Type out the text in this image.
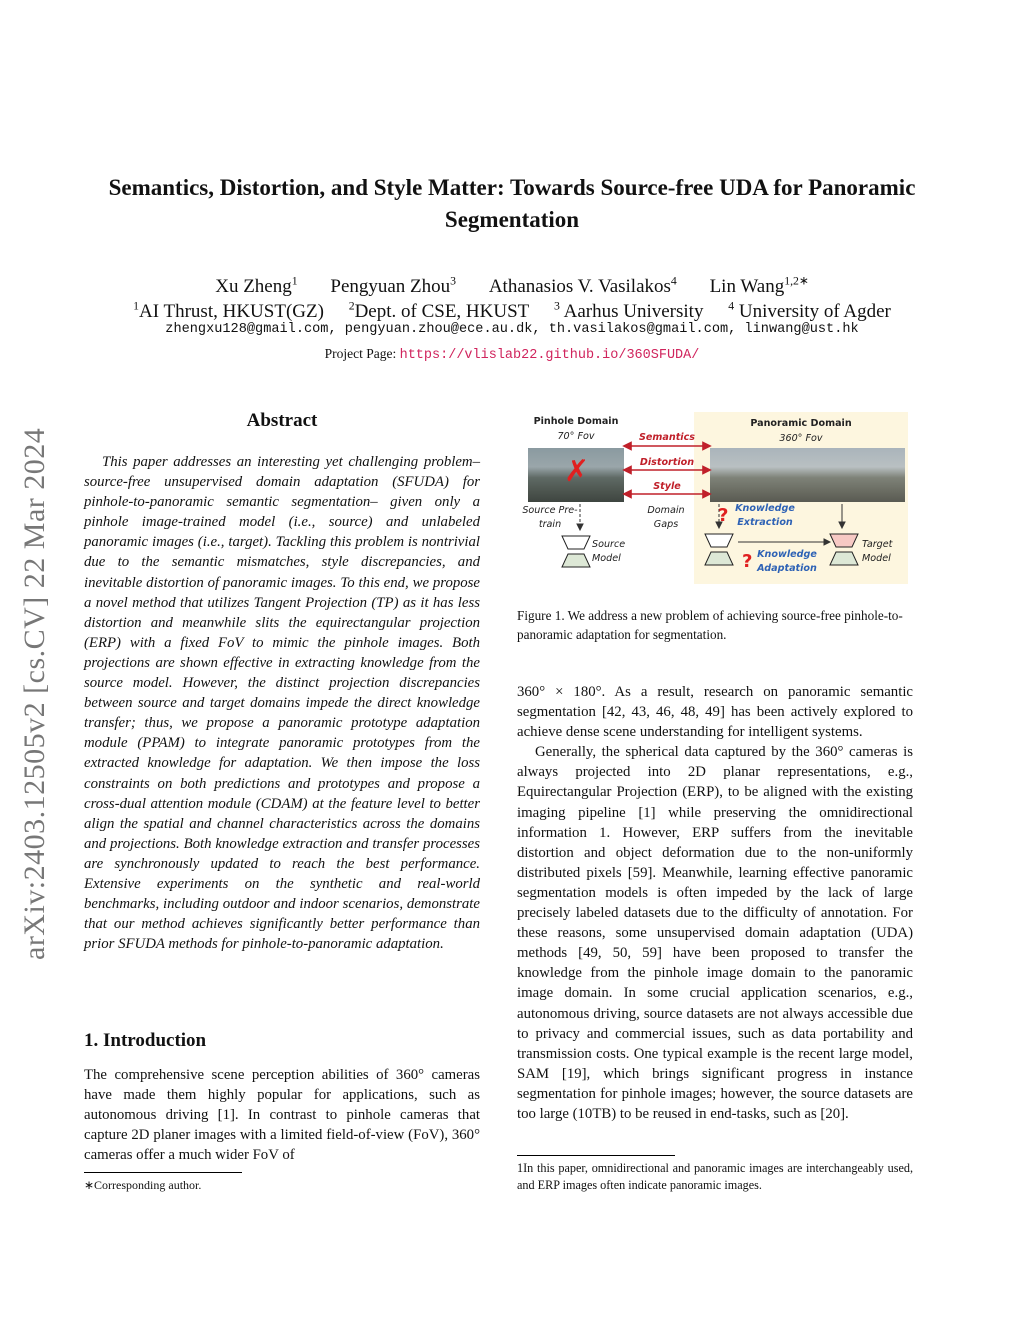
arXiv:2403.12505v2 [cs.CV] 22 Mar 2024
Semantics, Distortion, and Style Matter: Towards Source-free UDA for Panoramic Segmentation
Xu Zheng$^1$ Pengyuan Zhou$^3$ Athanasios V. Vasilakos$^4$ Lin Wang$^{1,2∗}$
$^1$AI Thrust, HKUST(GZ) $^2$Dept. of CSE, HKUST $^3$ Aarhus University $^4$ University of Agder
zhengxu128@gmail.com, pengyuan.zhou@ece.au.dk, th.vasilakos@gmail.com, linwang@ust.hk
Project Page: https://vlislab22.github.io/360SFUDA/
Abstract

This paper addresses an interesting yet challenging problem– source-free unsupervised domain adaptation (SFUDA) for pinhole-to-panoramic semantic segmentation– given only a pinhole image-trained model (i.e., source) and unlabeled panoramic images (i.e., target). Tackling this problem is nontrivial due to the semantic mismatches, style discrepancies, and inevitable distortion of panoramic images. To this end, we propose a novel method that utilizes Tangent Projection (TP) as it has less distortion and meanwhile slits the equirectangular projection (ERP) with a fixed FoV to mimic the pinhole images. Both projections are shown effective in extracting knowledge from the source model. However, the distinct projection discrepancies between source and target domains impede the direct knowledge transfer; thus, we propose a panoramic prototype adaptation module (PPAM) to integrate panoramic prototypes from the extracted knowledge for adaptation. We then impose the loss constraints on both predictions and prototypes and propose a cross-dual attention module (CDAM) at the feature level to better align the spatial and channel characteristics across the domains and projections. Both knowledge extraction and transfer processes are synchronously updated to reach the best performance. Extensive experiments on the synthetic and real-world benchmarks, including outdoor and indoor scenarios, demonstrate that our method achieves significantly better performance than prior SFUDA methods for pinhole-to-panoramic adaptation.

1. Introduction

The comprehensive scene perception abilities of 360° cameras have made them highly popular for applications, such as autonomous driving [1]. In contrast to pinhole cameras that capture 2D planer images with a limited field-of-view (FoV), 360° cameras offer a much wider FoV of

∗Corresponding author.
Pinhole Domain
70° Fov
Panoramic Domain
360° Fov
✗
Semantics
Distortion
Style
Source Pre-train
Domain Gaps
Source Model
Target Model
? Knowledge Extraction
? Knowledge Adaptation
Figure 1. We address a new problem of achieving source-free pinhole-to-panoramic adaptation for segmentation.

360° × 180°. As a result, research on panoramic semantic segmentation [42, 43, 46, 48, 49] has been actively explored to achieve dense scene understanding for intelligent systems.

Generally, the spherical data captured by the 360° cameras is always projected into 2D planar representations, e.g., Equirectangular Projection (ERP), to be aligned with the existing imaging pipeline [1] while preserving the omnidirectional information 1. However, ERP suffers from the inevitable distortion and object deformation due to the non-uniformly distributed pixels [59]. Meanwhile, learning effective panoramic segmentation models is often impeded by the lack of large precisely labeled datasets due to the difficulty of annotation. For these reasons, some unsupervised domain adaptation (UDA) methods [49, 50, 59] have been proposed to transfer the knowledge from the pinhole image domain to the panoramic image domain. In some crucial application scenarios, e.g., autonomous driving, source datasets are not always accessible due to privacy and commercial issues, such as data portability and transmission costs. One typical example is the recent large model, SAM [19], which brings significant progress in instance segmentation for pinhole images; however, the source datasets are too large (10TB) to be reused in end-tasks, such as [20].

1In this paper, omnidirectional and panoramic images are interchangeably used, and ERP images often indicate panoramic images.
